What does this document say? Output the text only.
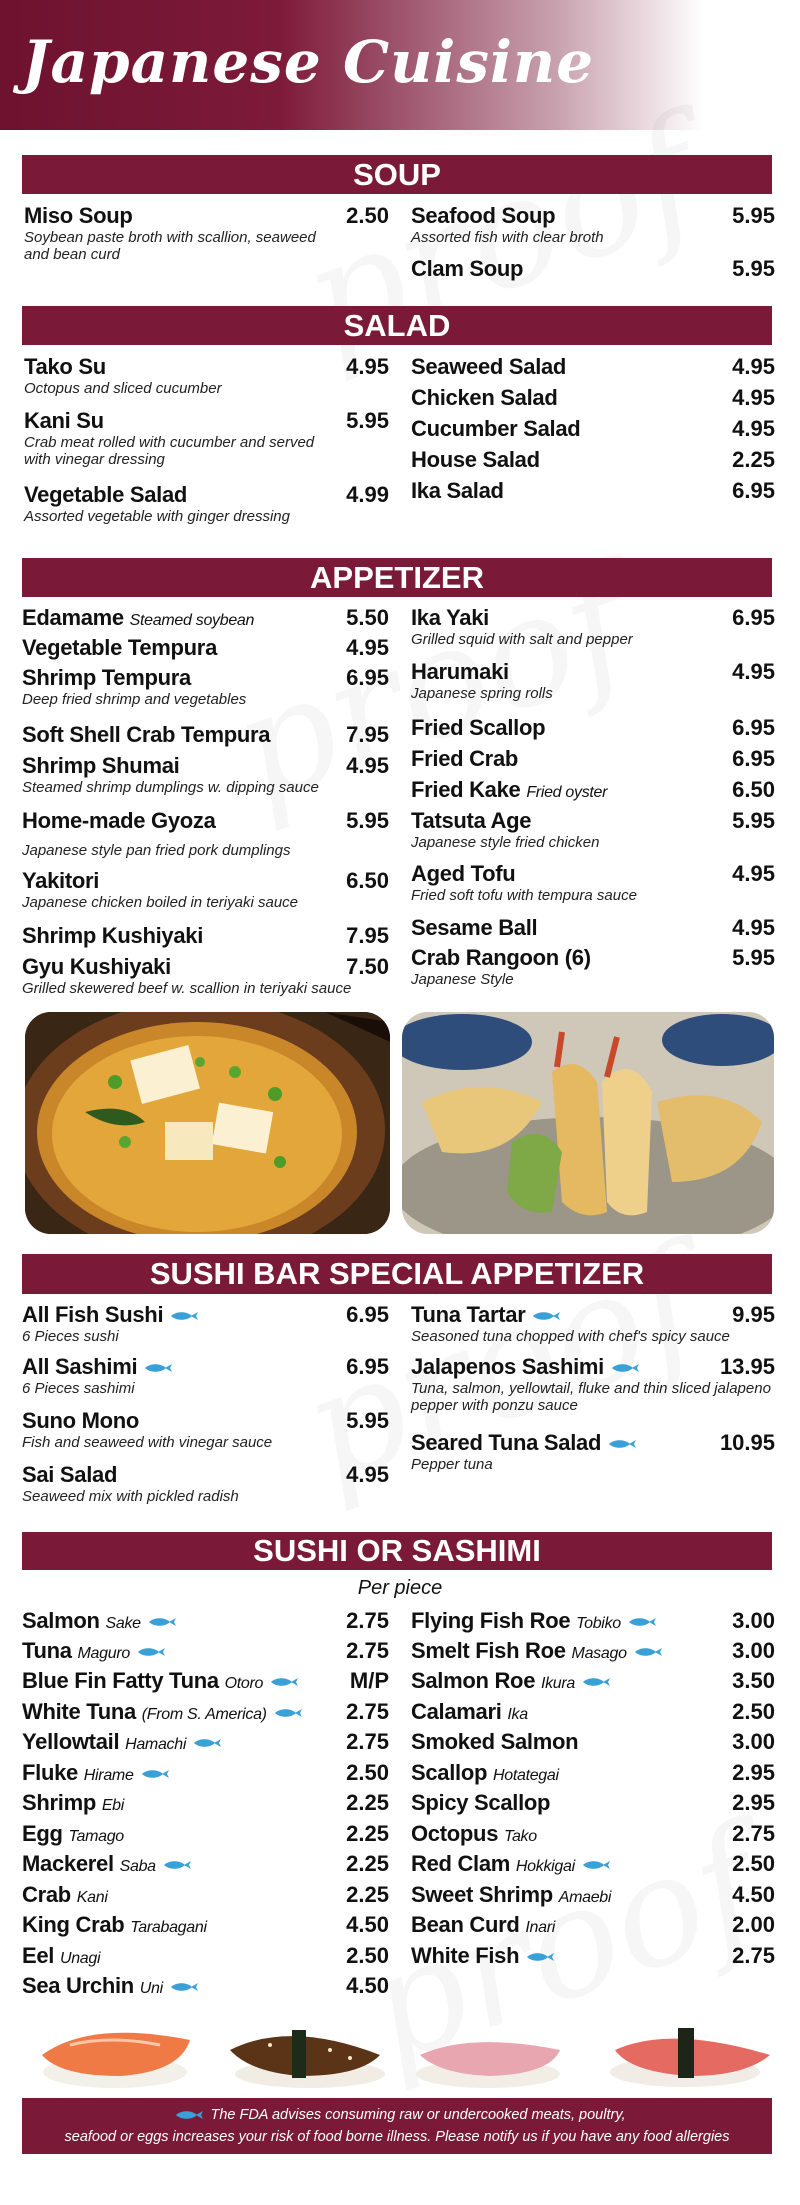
Japanese Cuisine
SOUP
Miso Soup	2.50
Soybean paste broth with scallion, seaweed and bean curd
Seafood Soup	5.95
Assorted fish with clear broth
Clam Soup	5.95
SALAD
Tako Su	4.95
Octopus and sliced cucumber
Kani Su	5.95
Crab meat rolled with cucumber and served with vinegar dressing
Vegetable Salad	4.99
Assorted vegetable with ginger dressing
Seaweed Salad	4.95
Chicken Salad	4.95
Cucumber Salad	4.95
House Salad	2.25
Ika Salad	6.95
APPETIZER
Edamame Steamed soybean	5.50
Vegetable Tempura	4.95
Shrimp Tempura	6.95
Deep fried shrimp and vegetables
Soft Shell Crab Tempura	7.95
Shrimp Shumai	4.95
Steamed shrimp dumplings w. dipping sauce
Home-made Gyoza	5.95
Japanese style pan fried pork dumplings
Yakitori	6.50
Japanese chicken boiled in teriyaki sauce
Shrimp Kushiyaki	7.95
Gyu Kushiyaki	7.50
Grilled skewered beef w. scallion in teriyaki sauce
Ika Yaki	6.95
Grilled squid with salt and pepper
Harumaki	4.95
Japanese spring rolls
Fried Scallop	6.95
Fried Crab	6.95
Fried Kake Fried oyster	6.50
Tatsuta Age	5.95
Japanese style fried chicken
Aged Tofu	4.95
Fried soft tofu with tempura sauce
Sesame Ball	4.95
Crab Rangoon (6)	5.95
Japanese Style
SUSHI BAR SPECIAL APPETIZER
All Fish Sushi	6.95
6 Pieces sushi
All Sashimi	6.95
6 Pieces sashimi
Suno Mono	5.95
Fish and seaweed with vinegar sauce
Sai Salad	4.95
Seaweed mix with pickled radish
Tuna Tartar	9.95
Seasoned tuna chopped with chef's spicy sauce
Jalapenos Sashimi	13.95
Tuna, salmon, yellowtail, fluke and thin sliced jalapeno pepper with ponzu sauce
Seared Tuna Salad	10.95
Pepper tuna
SUSHI OR SASHIMI
Per piece
Salmon Sake	2.75
Tuna Maguro	2.75
Blue Fin Fatty Tuna Otoro	M/P
White Tuna (From S. America)	2.75
Yellowtail Hamachi	2.75
Fluke Hirame	2.50
Shrimp Ebi	2.25
Egg Tamago	2.25
Mackerel Saba	2.25
Crab Kani	2.25
King Crab Tarabagani	4.50
Eel Unagi	2.50
Sea Urchin Uni	4.50
Flying Fish Roe Tobiko	3.00
Smelt Fish Roe Masago	3.00
Salmon Roe Ikura	3.50
Calamari Ika	2.50
Smoked Salmon	3.00
Scallop Hotategai	2.95
Spicy Scallop	2.95
Octopus Tako	2.75
Red Clam Hokkigai	2.50
Sweet Shrimp Amaebi	4.50
Bean Curd Inari	2.00
White Fish	2.75
The FDA advises consuming raw or undercooked meats, poultry,
seafood or eggs increases your risk of food borne illness. Please notify us if you have any food allergies
